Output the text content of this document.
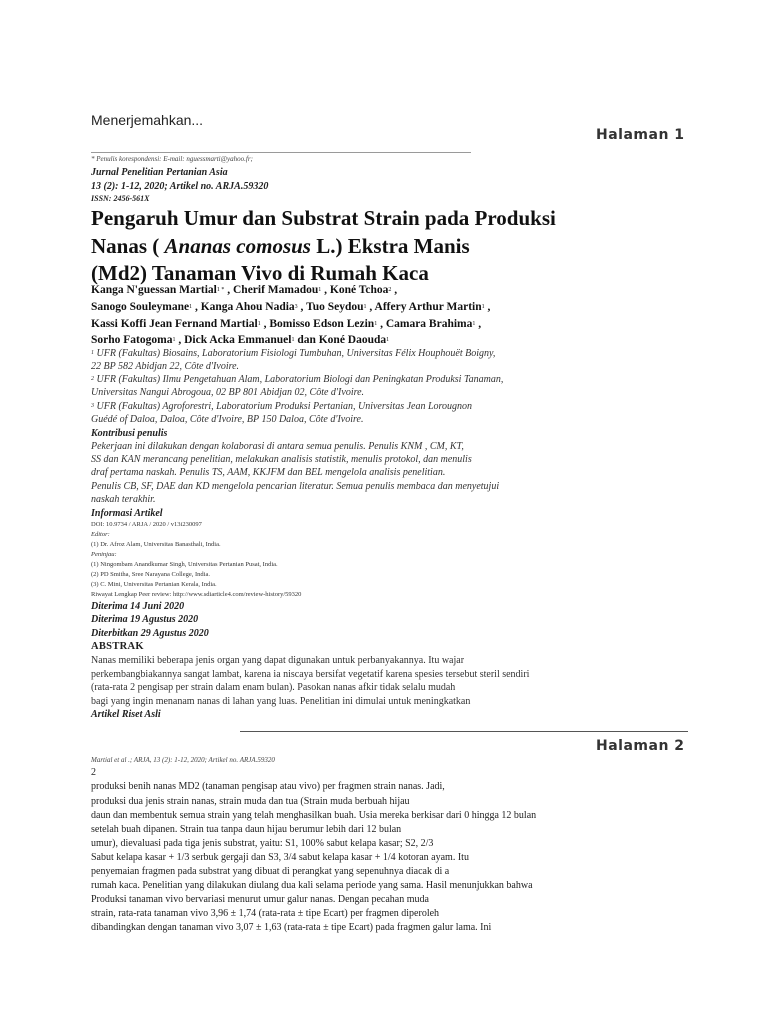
Menerjemahkan...
Halaman 1
* Penulis korespondensi: E-mail: nguessmarti@yahoo.fr;
Jurnal Penelitian Pertanian Asia
13 (2): 1-12, 2020; Artikel no. ARJA.59320
ISSN: 2456-561X
Pengaruh Umur dan Substrat Strain pada Produksi
Nanas ( Ananas comosus L.) Ekstra Manis
(Md2) Tanaman Vivo di Rumah Kaca
Kanga N'guessan Martial$^{1 *}$ , Cherif Mamadou$^1$ , Koné Tchoa$^2$ ,
Sanogo Souleymane$^1$ , Kanga Ahou Nadia$^3$ , Tuo Seydou$^1$ , Affery Arthur Martin$^1$ ,
Kassi Koffi Jean Fernand Martial$^1$ , Bomisso Edson Lezin$^1$ , Camara Brahima$^1$ ,
Sorho Fatogoma$^1$ , Dick Acka Emmanuel$^1$ dan Koné Daouda$^1$
$^1$ UFR (Fakultas) Biosains, Laboratorium Fisiologi Tumbuhan, Universitas Félix Houphouët Boigny,
22 BP 582 Abidjan 22, Côte d'Ivoire.
$^2$ UFR (Fakultas) Ilmu Pengetahuan Alam, Laboratorium Biologi dan Peningkatan Produksi Tanaman,
Universitas Nangui Abrogoua, 02 BP 801 Abidjan 02, Côte d'Ivoire.
$^3$ UFR (Fakultas) Agroforestri, Laboratorium Produksi Pertanian, Universitas Jean Lorougnon
Guédé of Daloa, Daloa, Côte d'Ivoire, BP 150 Daloa, Côte d'Ivoire.
Kontribusi penulis
Pekerjaan ini dilakukan dengan kolaborasi di antara semua penulis. Penulis KNM , CM, KT,
SS dan KAN merancang penelitian, melakukan analisis statistik, menulis protokol, dan menulis
draf pertama naskah. Penulis TS, AAM, KKJFM dan BEL mengelola analisis penelitian.
Penulis CB, SF, DAE dan KD mengelola pencarian literatur. Semua penulis membaca dan menyetujui
naskah terakhir.
Informasi Artikel
DOI: 10.9734 / ARJA / 2020 / v13i230097
Editor:
(1) Dr. Afroz Alam, Universitas Banasthali, India.
Peninjau:
(1) Ningombam Anandkumar Singh, Universitas Pertanian Pusat, India.
(2) PD Smitha, Sree Narayana College, India.
(3) C. Mini, Universitas Pertanian Kerala, India.
Riwayat Lengkap Peer review: http://www.sdiarticle4.com/review-history/59320
Diterima 14 Juni 2020
Diterima 19 Agustus 2020
Diterbitkan 29 Agustus 2020
ABSTRAK
Nanas memiliki beberapa jenis organ yang dapat digunakan untuk perbanyakannya. Itu wajar
perkembangbiakannya sangat lambat, karena ia niscaya bersifat vegetatif karena spesies tersebut steril sendiri
(rata-rata 2 pengisap per strain dalam enam bulan). Pasokan nanas afkir tidak selalu mudah
bagi yang ingin menanam nanas di lahan yang luas. Penelitian ini dimulai untuk meningkatkan
Artikel Riset Asli
Halaman 2
Martial et al .; ARJA, 13 (2): 1-12, 2020; Artikel no. ARJA.59320
2
produksi benih nanas MD2 (tanaman pengisap atau vivo) per fragmen strain nanas. Jadi,
produksi dua jenis strain nanas, strain muda dan tua (Strain muda berbuah hijau
daun dan membentuk semua strain yang telah menghasilkan buah. Usia mereka berkisar dari 0 hingga 12 bulan
setelah buah dipanen. Strain tua tanpa daun hijau berumur lebih dari 12 bulan
umur), dievaluasi pada tiga jenis substrat, yaitu: S1, 100% sabut kelapa kasar; S2, 2/3
Sabut kelapa kasar + 1/3 serbuk gergaji dan S3, 3/4 sabut kelapa kasar + 1/4 kotoran ayam. Itu
penyemaian fragmen pada substrat yang dibuat di perangkat yang sepenuhnya diacak di a
rumah kaca. Penelitian yang dilakukan diulang dua kali selama periode yang sama. Hasil menunjukkan bahwa
Produksi tanaman vivo bervariasi menurut umur galur nanas. Dengan pecahan muda
strain, rata-rata tanaman vivo 3,96 ± 1,74 (rata-rata ± tipe Ecart) per fragmen diperoleh
dibandingkan dengan tanaman vivo 3,07 ± 1,63 (rata-rata ± tipe Ecart) pada fragmen galur lama. Ini
